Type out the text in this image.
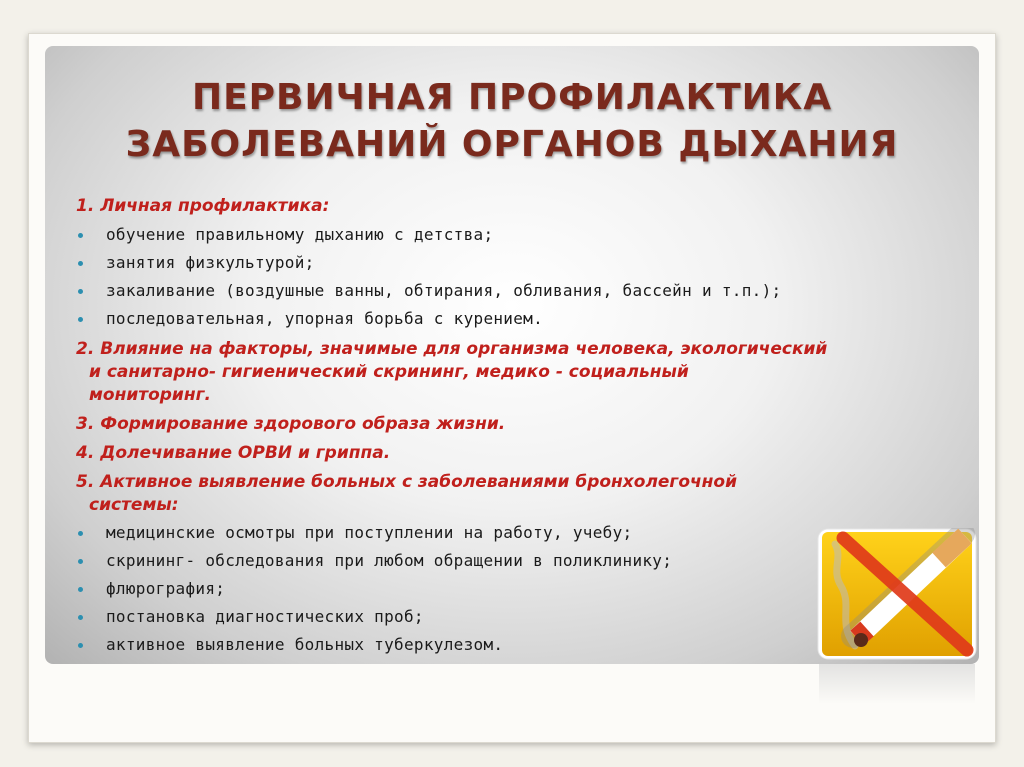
ПЕРВИЧНАЯ ПРОФИЛАКТИКА
ЗАБОЛЕВАНИЙ ОРГАНОВ ДЫХАНИЯ

1. Личная профилактика:

обучение правильному дыханию с детства;

занятия физкультурой;

закаливание (воздушные ванны, обтирания, обливания, бассейн и т.п.);

последовательная, упорная борьба с курением.

2. Влияние на факторы, значимые для организма человека, экологический

и санитарно- гигиенический скрининг, медико - социальный

мониторинг.

3. Формирование здорового образа жизни.

4. Долечивание ОРВИ и гриппа.

5. Активное выявление больных с заболеваниями бронхолегочной

системы:

медицинские осмотры при поступлении на работу, учебу;

скрининг- обследования при любом обращении в поликлинику;

флюрография;

постановка диагностических проб;

активное выявление больных туберкулезом.
